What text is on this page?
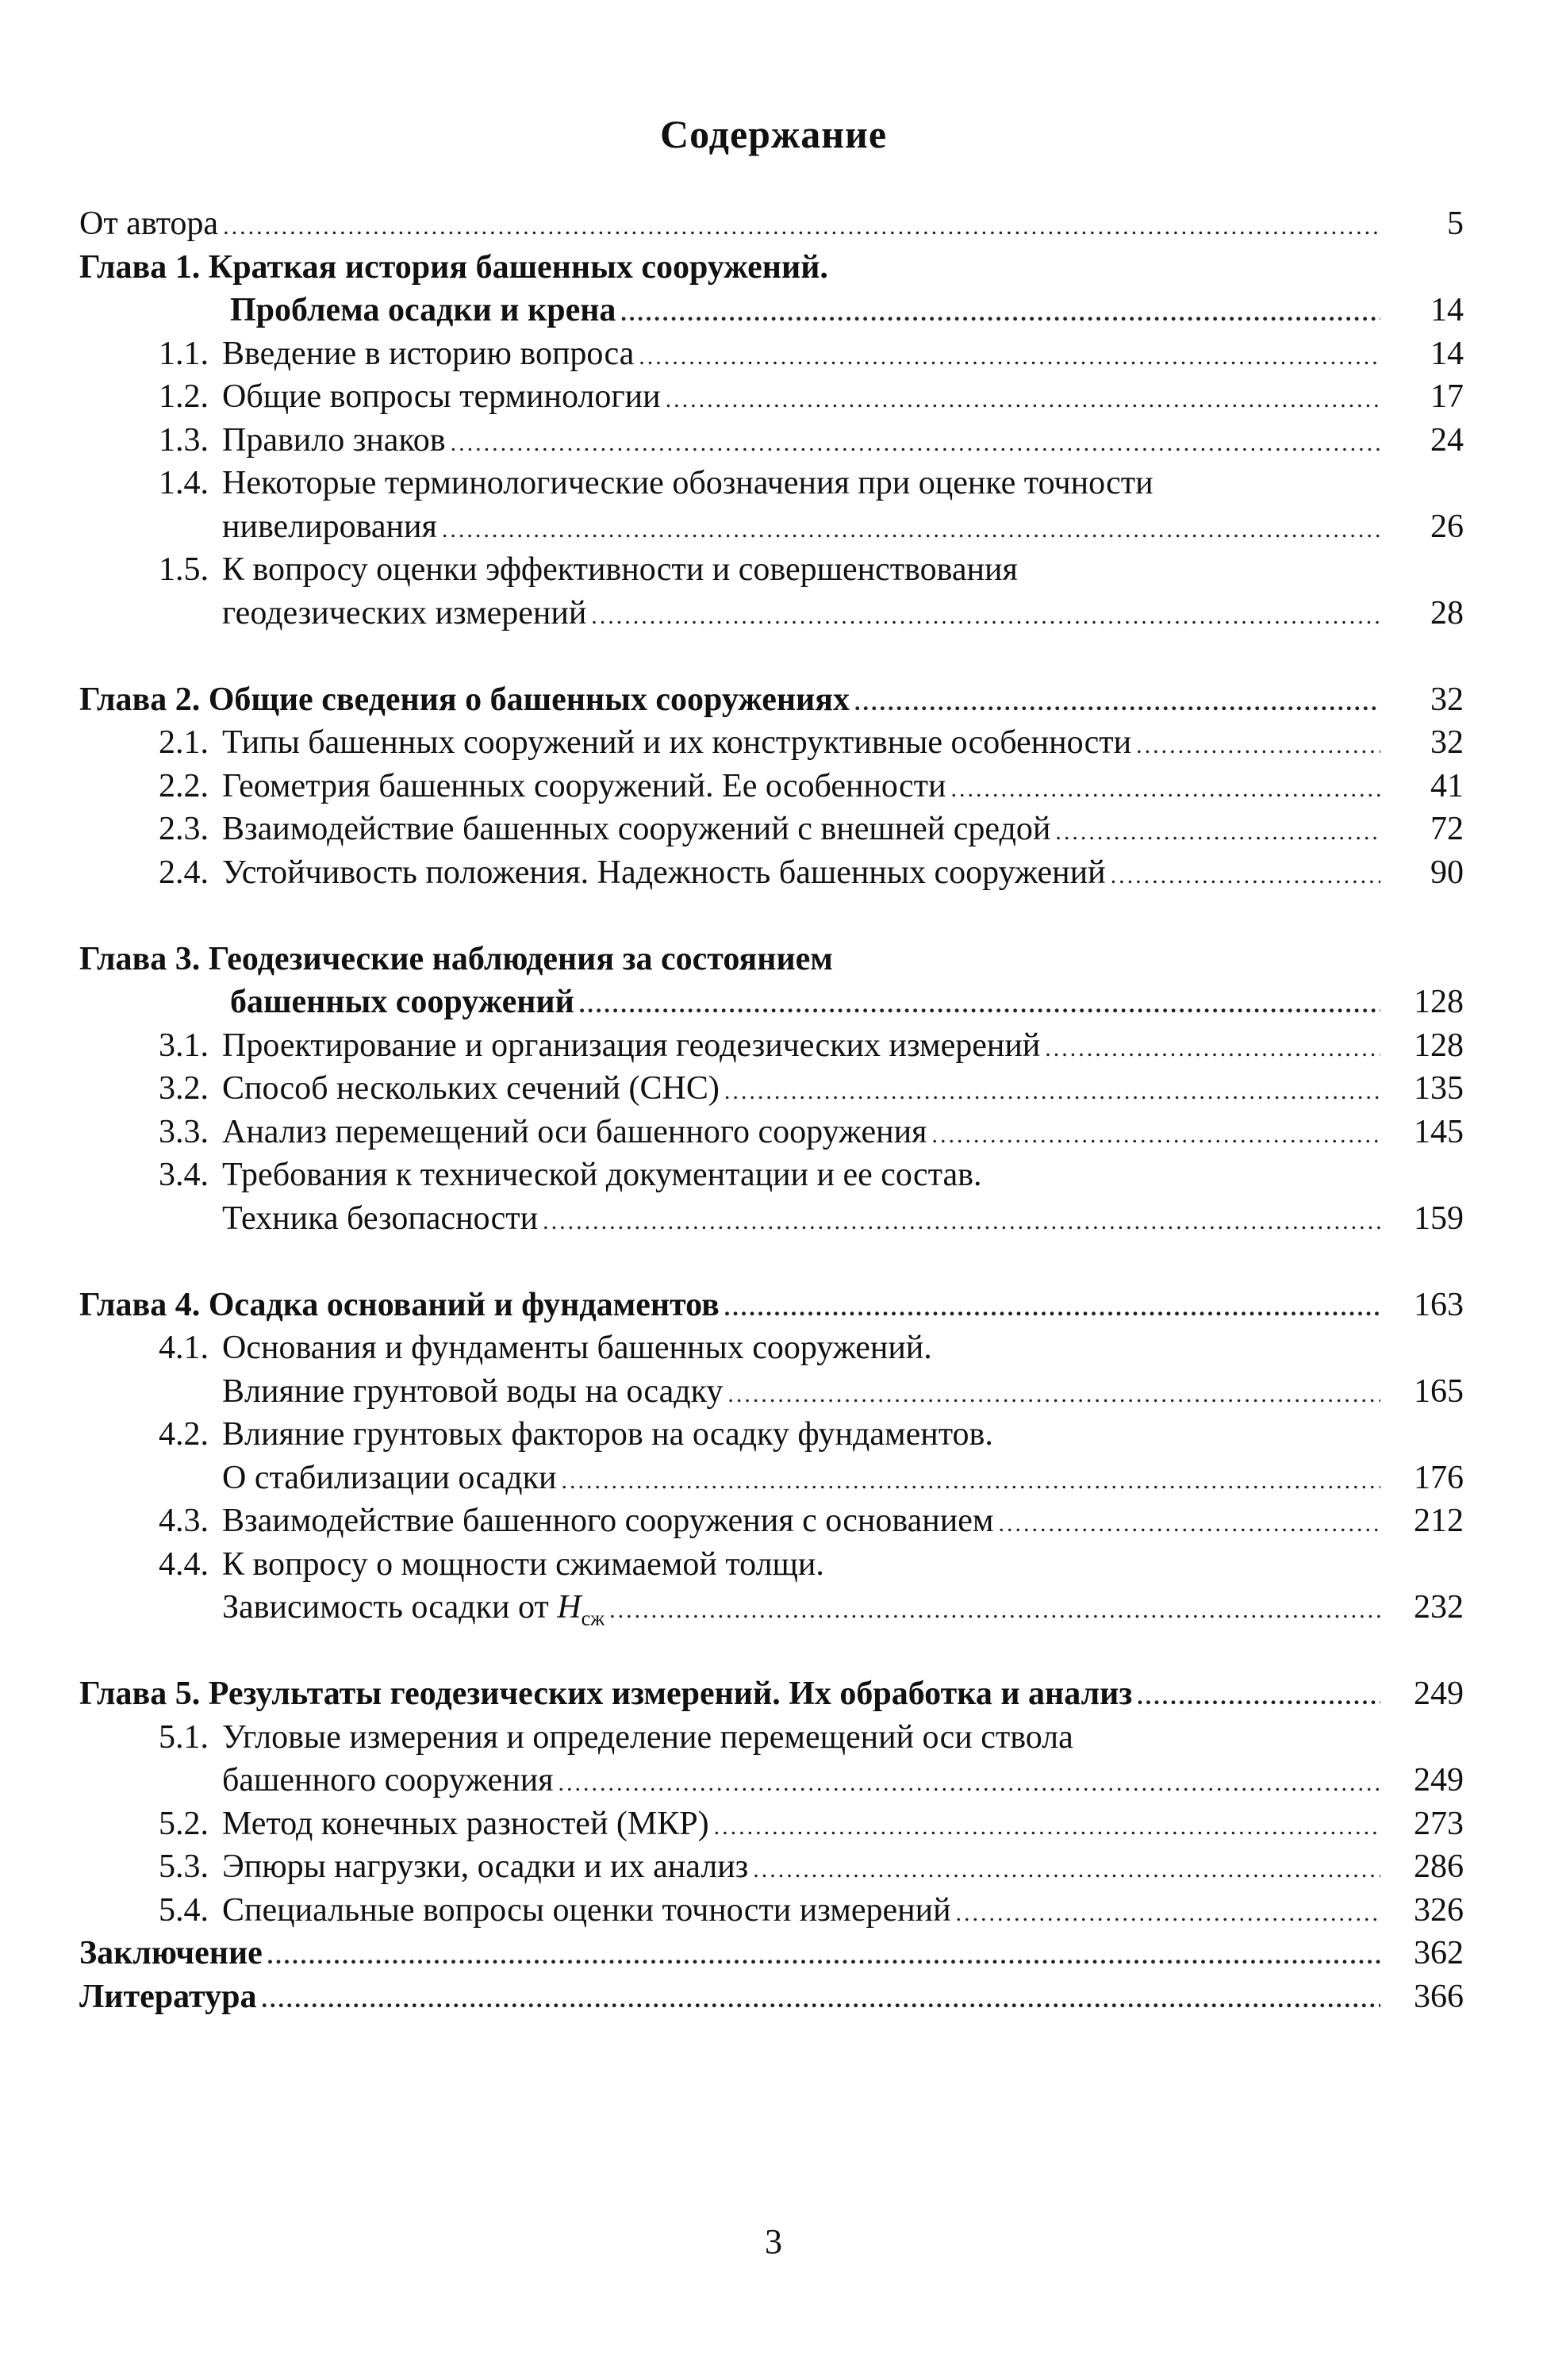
Содержание
От автора .....	5
Глава 1. Краткая история башенных сооружений.
Проблема осадки и крена .....	14
1.1. Введение в историю вопроса .....	14
1.2. Общие вопросы терминологии .....	17
1.3. Правило знаков .....	24
1.4. Некоторые терминологические обозначения при оценке точности
нивелирования .....	26
1.5. К вопросу оценки эффективности и совершенствования
геодезических измерений .....	28
Глава 2. Общие сведения о башенных сооружениях .....	32
2.1. Типы башенных сооружений и их конструктивные особенности .....	32
2.2. Геометрия башенных сооружений. Ее особенности .....	41
2.3. Взаимодействие башенных сооружений с внешней средой .....	72
2.4. Устойчивость положения. Надежность башенных сооружений .....	90
Глава 3. Геодезические наблюдения за состоянием
башенных сооружений .....	128
3.1. Проектирование и организация геодезических измерений .....	128
3.2. Способ нескольких сечений (СНС) .....	135
3.3. Анализ перемещений оси башенного сооружения .....	145
3.4. Требования к технической документации и ее состав.
Техника безопасности .....	159
Глава 4. Осадка оснований и фундаментов .....	163
4.1. Основания и фундаменты башенных сооружений.
Влияние грунтовой воды на осадку .....	165
4.2. Влияние грунтовых факторов на осадку фундаментов.
О стабилизации осадки .....	176
4.3. Взаимодействие башенного сооружения с основанием .....	212
4.4. К вопросу о мощности сжимаемой толщи.
Зависимость осадки от $H_{сж}$ .....	232
Глава 5. Результаты геодезических измерений. Их обработка и анализ .....	249
5.1. Угловые измерения и определение перемещений оси ствола
башенного сооружения .....	249
5.2. Метод конечных разностей (МКР) .....	273
5.3. Эпюры нагрузки, осадки и их анализ .....	286
5.4. Специальные вопросы оценки точности измерений .....	326
Заключение .....	362
Литература .....	366
3
